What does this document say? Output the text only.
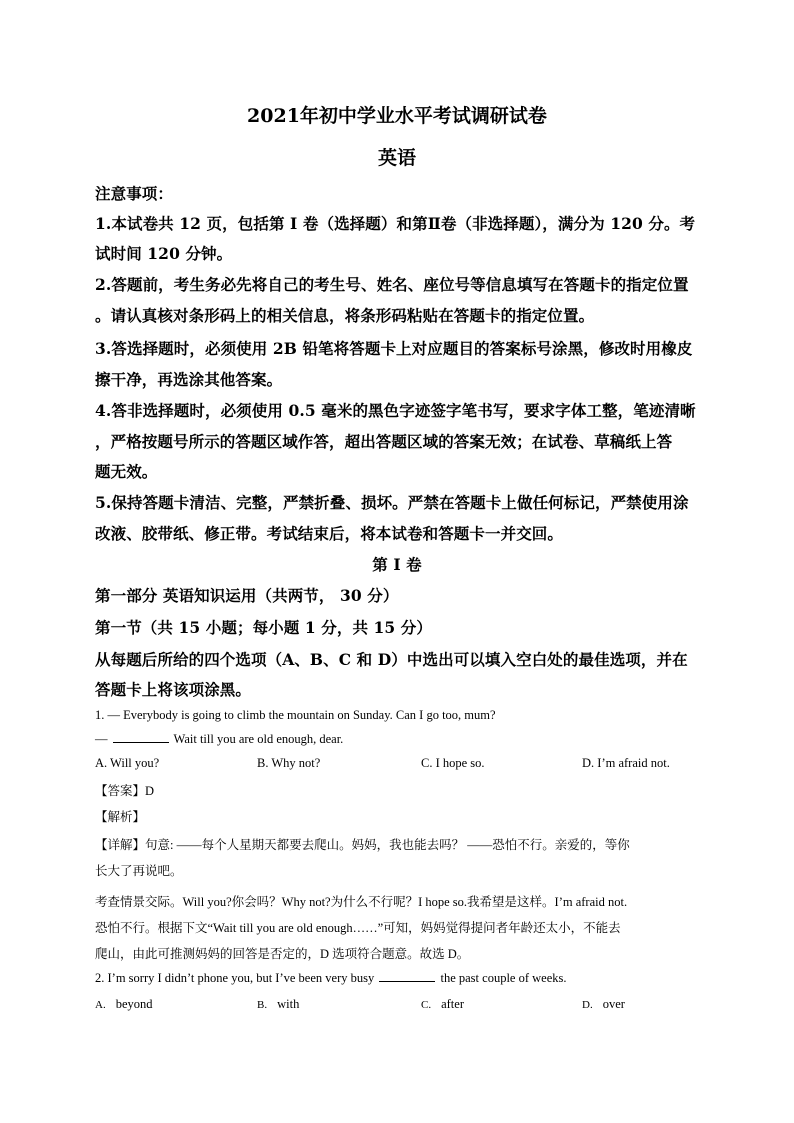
2021年初中学业水平考试调研试卷
英语
注意事项：
1.本试卷共 12 页，包括第 I 卷（选择题）和第Ⅱ卷（非选择题），满分为 120 分。考
试时间 120 分钟。
2.答题前，考生务必先将自己的考生号、姓名、座位号等信息填写在答题卡的指定位置
。请认真核对条形码上的相关信息，将条形码粘贴在答题卡的指定位置。
3.答选择题时，必须使用 2B 铅笔将答题卡上对应题目的答案标号涂黑，修改时用橡皮
擦干净，再选涂其他答案。
4.答非选择题时，必须使用 0.5 毫米的黑色字迹签字笔书写，要求字体工整，笔迹清晰
，严格按题号所示的答题区域作答，超出答题区域的答案无效；在试卷、草稿纸上答
题无效。
5.保持答题卡清洁、完整，严禁折叠、损坏。严禁在答题卡上做任何标记，严禁使用涂
改液、胶带纸、修正带。考试结束后，将本试卷和答题卡一并交回。
第 I 卷
第一部分 英语知识运用（共两节， 30 分）
第一节（共 15 小题；每小题 1 分，共 15 分）
从每题后所给的四个选项（A、B、C 和 D）中选出可以填入空白处的最佳选项，并在
答题卡上将该项涂黑。
1. — Everybody is going to climb the mountain on Sunday. Can I go too, mum?
—	Wait till you are old enough, dear.
A. Will you?	B. Why not?	C. I hope so.	D. I’m afraid not.
【答案】D
【解析】
【详解】句意: ——每个人星期天都要去爬山。妈妈，我也能去吗？ ——恐怕不行。亲爱的，等你
长大了再说吧。
考查情景交际。Will you?你会吗？Why not?为什么不行呢？I hope so.我希望是这样。I’m afraid not.
恐怕不行。根据下文“Wait till you are old enough……”可知，妈妈觉得提问者年龄还太小，不能去
爬山，由此可推测妈妈的回答是否定的，D 选项符合题意。故选 D。
2. I’m sorry I didn’t phone you, but I’ve been very busy	the past couple of weeks.
A. beyond	B. with	C. after	D. over
